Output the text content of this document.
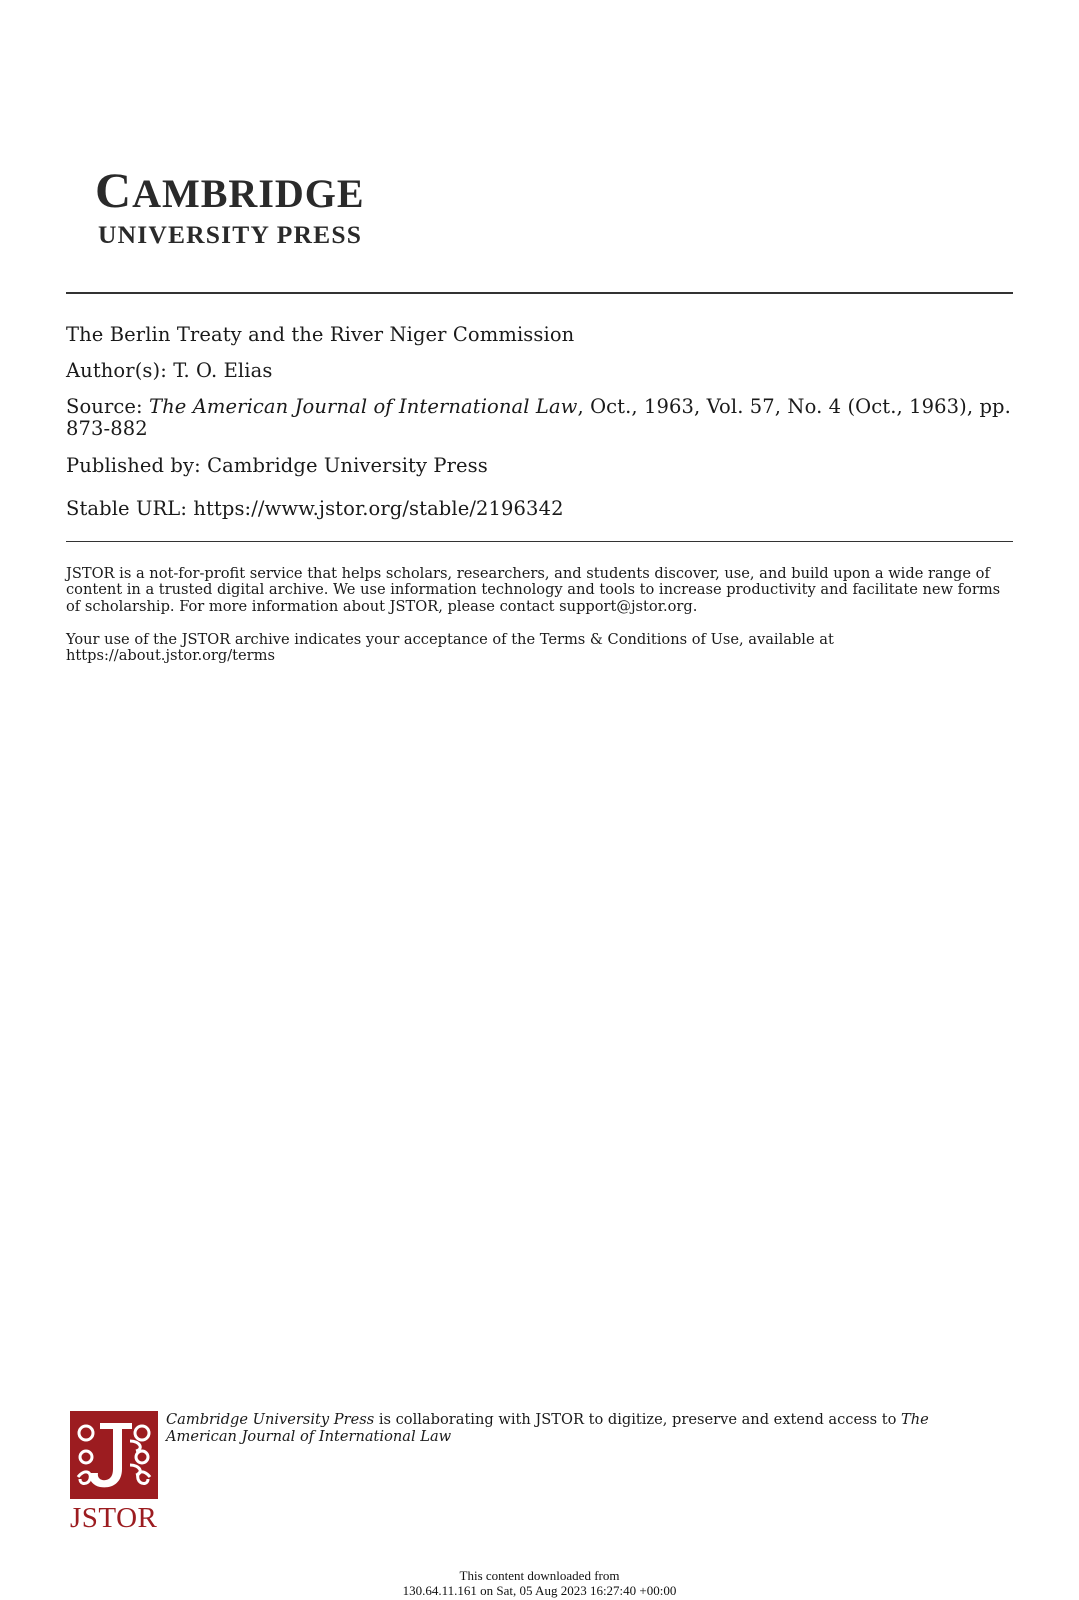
CAMBRIDGE
UNIVERSITY PRESS
The Berlin Treaty and the River Niger Commission
Author(s): T. O. Elias
Source: The American Journal of International Law, Oct., 1963, Vol. 57, No. 4 (Oct., 1963), pp. 873-882
Published by: Cambridge University Press
Stable URL: https://www.jstor.org/stable/2196342
JSTOR is a not-for-profit service that helps scholars, researchers, and students discover, use, and build upon a wide range of content in a trusted digital archive. We use information technology and tools to increase productivity and facilitate new forms of scholarship. For more information about JSTOR, please contact support@jstor.org.
Your use of the JSTOR archive indicates your acceptance of the Terms & Conditions of Use, available at https://about.jstor.org/terms
JSTOR
Cambridge University Press is collaborating with JSTOR to digitize, preserve and extend access to The American Journal of International Law
This content downloaded from
130.64.11.161 on Sat, 05 Aug 2023 16:27:40 +00:00
